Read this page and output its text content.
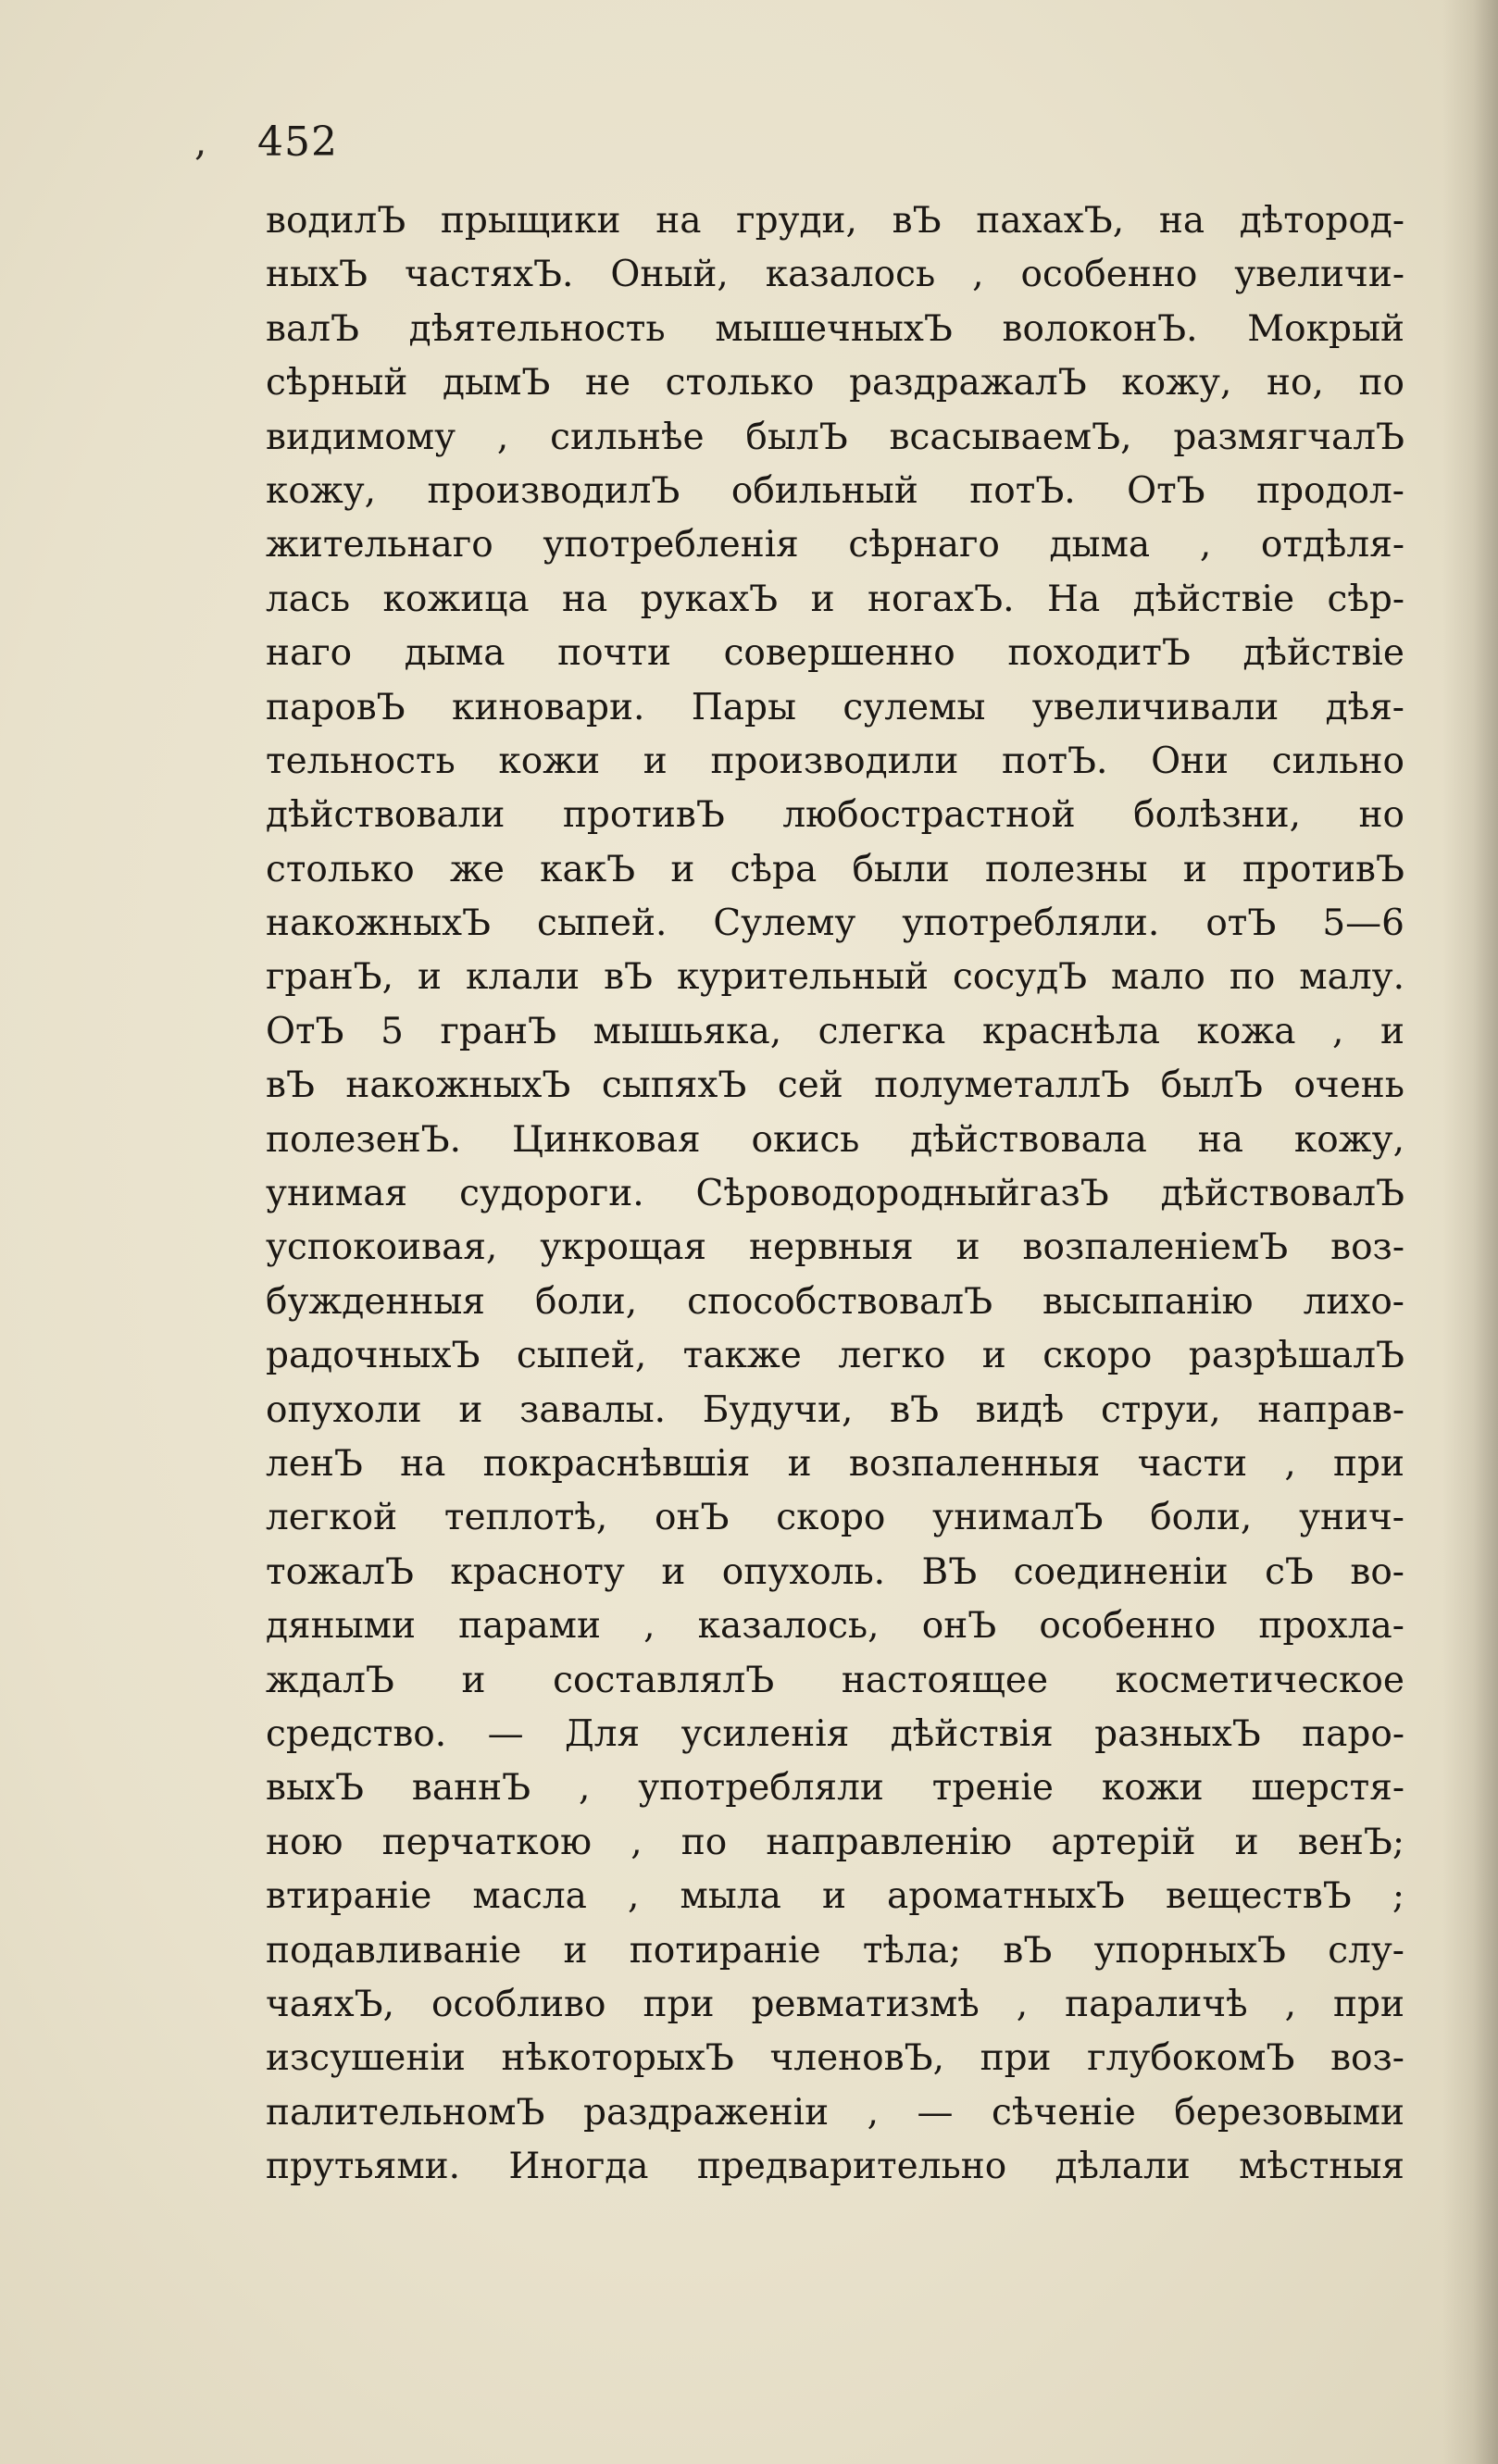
, 452
водилЪ прыщики на груди, вЪ пахахЪ, на дѣтород-
ныхЪ частяхЪ. Оный, казалось , особенно увеличи-
валЪ дѣятельность мышечныхЪ волоконЪ. Мокрый
сѣрный дымЪ не столько раздражалЪ кожу, но, по
видимому , сильнѣе былЪ всасываемЪ, размягчалЪ
кожу, производилЪ обильный потЪ. ОтЪ продол-
жительнаго употребленія сѣрнаго дыма , отдѣля-
лась кожица на рукахЪ и ногахЪ. На дѣйствіе сѣр-
наго дыма почти совершенно походитЪ дѣйствіе
паровЪ киновари. Пары сулемы увеличивали дѣя-
тельность кожи и производили потЪ. Они сильно
дѣйствовали противЪ любострастной болѣзни, но
столько же какЪ и сѣра были полезны и противЪ
накожныхЪ сыпей. Сулему употребляли. отЪ 5—6
гранЪ, и клали вЪ курительный сосудЪ мало по малу.
ОтЪ 5 гранЪ мышьяка, слегка краснѣла кожа , и
вЪ накожныхЪ сыпяхЪ сей полуметаллЪ былЪ очень
полезенЪ. Цинковая окись дѣйствовала на кожу,
унимая судороги. СѣроводородныйгазЪ дѣйствовалЪ
успокоивая, укрощая нервныя и возпаленіемЪ воз-
бужденныя боли, способствовалЪ высыпанію лихо-
радочныхЪ сыпей, также легко и скоро разрѣшалЪ
опухоли и завалы. Будучи, вЪ видѣ струи, направ-
ленЪ на покраснѣвшія и возпаленныя части , при
легкой теплотѣ, онЪ скоро унималЪ боли, унич-
тожалЪ красноту и опухоль. ВЪ соединеніи сЪ во-
дяными парами , казалось, онЪ особенно прохла-
ждалЪ и составлялЪ настоящее косметическое
средство. — Для усиленія дѣйствія разныхЪ паро-
выхЪ ваннЪ , употребляли треніе кожи шерстя-
ною перчаткою , по направленію артерій и венЪ;
втираніе масла , мыла и ароматныхЪ веществЪ ;
подавливаніе и потираніе тѣла; вЪ упорныхЪ слу-
чаяхЪ, особливо при ревматизмѣ , параличѣ , при
изсушеніи нѣкоторыхЪ членовЪ, при глубокомЪ воз-
палительномЪ раздраженіи , — сѣченіе березовыми
прутьями. Иногда предварительно дѣлали мѣстныя
